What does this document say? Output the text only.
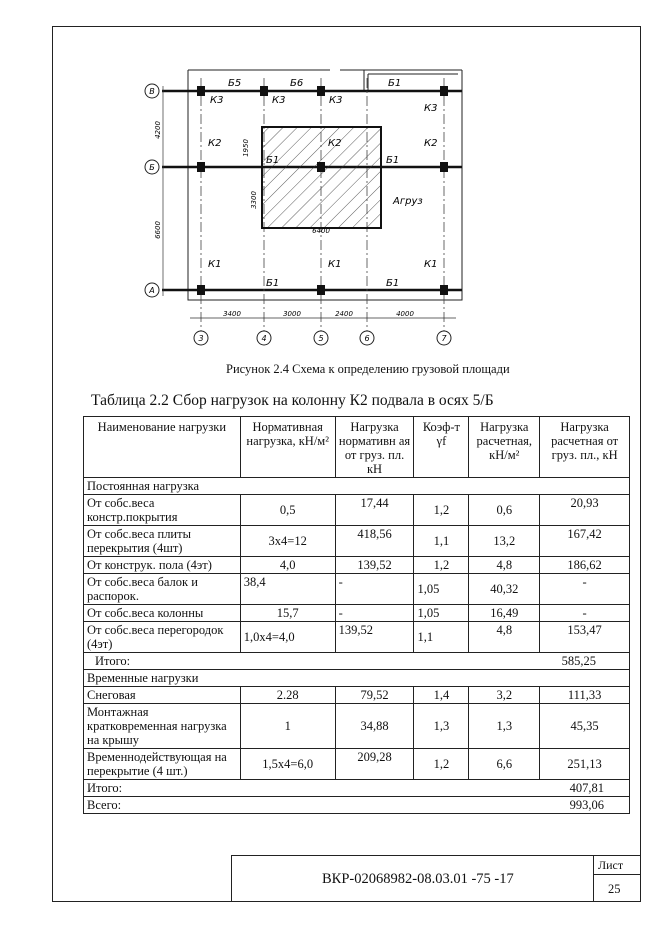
В
Б
А
3	4	5	6	7
3400	3000	2400	4000
4200
6600
1950
3300
6400
Б5	Б6	Б1
Б1	Б1
Б1	Б1
К3	К3	К3
К3
К2	К2	К2
К1	К1	К1
Агруз
Рисунок 2.4 Схема к определению грузовой площади
Таблица 2.2 Сбор нагрузок на колонну К2 подвала в осях 5/Б
Наименование нагрузки	Нормативная нагрузка, кН/м²	Нагрузка нормативн ая от груз. пл. кН	Коэф-т γf	Нагрузка расчетная, кН/м²	Нагрузка расчетная от груз. пл., кН
Постоянная нагрузка					
От собс.веса констр.покрытия	0,5	17,44	1,2	0,6	20,93
От собс.веса плиты перекрытия (4шт)	3x4=12	418,56	1,1	13,2	167,42
От конструк. пола (4эт)	4,0	139,52	1,2	4,8	186,62
От собс.веса балок и распорок.	38,4	-	1,05	40,32	-
От собс.веса колонны	15,7	-	1,05	16,49	-
От собс.веса перегородок (4эт)	1,0x4=4,0	139,52	1,1	4,8	153,47

Итого: 585,25					

Временные нагрузки					
Снеговая	2.28	79,52	1,4	3,2	111,33
Монтажная кратковременная нагрузка на крышу	1	34,88	1,3	1,3	45,35
Временнодействующая на перекрытие (4 шт.)	1,5x4=6,0	209,28	1,2	6,6	251,13

Итого: 407,81					

Всего: 993,06					
ВКР-02068982-08.03.01 -75 -17
Лист
25
